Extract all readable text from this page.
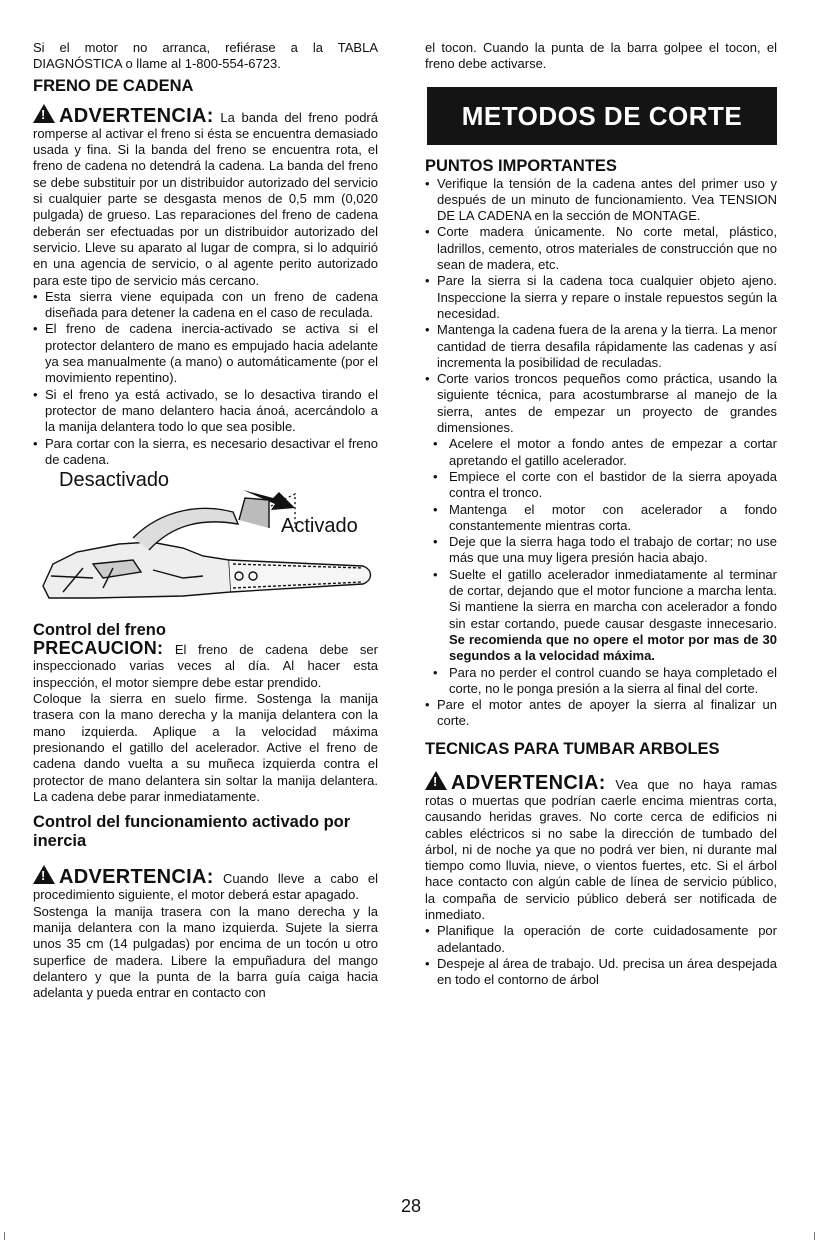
Si el motor no arranca, refiérase a la TABLA DIAGNÓSTICA o llame al 1-800-554-6723.

FRENO DE CADENA

!ADVERTENCIA: La banda del freno podrá romperse al activar el freno si ésta se encuentra demasiado usada y fina. Si la banda del freno se encuentra rota, el freno de cadena no detendrá la cadena. La banda del freno se debe substituir por un distribuidor autorizado del servicio si cualquier parte se desgasta menos de 0,5 mm (0,020 pulgada) de grueso. Las reparaciones del freno de cadena deberán ser efectuadas por un distribuidor autorizado del servicio. Lleve su aparato al lugar de compra, si lo adquirió en una agencia de servicio, o al agente perito autorizado para este tipo de servicio más cercano.

• Esta sierra viene equipada con un freno de cadena diseñada para detener la cadena en el caso de reculada.
• El freno de cadena inercia-activado se activa si el protector delantero de mano es empujado hacia adelante ya sea manualmente (a mano) o automáticamente (por el movimiento repentino).
• Si el freno ya está activado, se lo desactiva tirando el protector de mano delantero hacia ánoá, acercándolo a la manija delantera todo lo que sea posible.
• Para cortar con la sierra, es necesario desactivar el freno de cadena.
Desactivado
Activado
Control del freno

PRECAUCION: El freno de cadena debe ser inspeccionado varias veces al día. Al hacer esta inspección, el motor siempre debe estar prendido.

Coloque la sierra en suelo firme. Sostenga la manija trasera con la mano derecha y la manija delantera con la mano izquierda. Aplique a la velocidad máxima presionando el gatillo del acelerador. Active el freno de cadena dando vuelta a su muñeca izquierda contra el protector de mano delantera sin soltar la manija delantera. La cadena debe parar inmediatamente.

Control del funcionamiento activado por inercia

!ADVERTENCIA: Cuando lleve a cabo el procedimiento siguiente, el motor deberá estar apagado.

Sostenga la manija trasera con la mano derecha y la manija delantera con la mano izquierda. Sujete la sierra unos 35 cm (14 pulgadas) por encima de un tocón u otro superfice de madera. Libere la empuñadura del mango delantero y que la punta de la barra guía caiga hacia adelanta y pueda entrar en contacto con

el tocon. Cuando la punta de la barra golpee el tocon, el freno debe activarse.

METODOS DE CORTE
PUNTOS IMPORTANTES
• Verifique la tensión de la cadena antes del primer uso y después de un minuto de funcionamiento. Vea TENSION DE LA CADENA en la sección de MONTAGE.
• Corte madera únicamente. No corte metal, plástico, ladrillos, cemento, otros materiales de construcción que no sean de madera, etc.
• Pare la sierra si la cadena toca cualquier objeto ajeno. Inspeccione la sierra y repare o instale repuestos según la necesidad.
• Mantenga la cadena fuera de la arena y la tierra. La menor cantidad de tierra desafila rápidamente las cadenas y así incrementa la posibilidad de reculadas.
• Corte varios troncos pequeños como práctica, usando la siguiente técnica, para acostumbrarse al manejo de la sierra, antes de empezar un proyecto de grandes dimensiones.
• Acelere el motor a fondo antes de empezar a cortar apretando el gatillo acelerador.
• Empiece el corte con el bastidor de la sierra apoyada contra el tronco.
• Mantenga el motor con acelerador a fondo constantemente mientras corta.
• Deje que la sierra haga todo el trabajo de cortar; no use más que una muy ligera presión hacia abajo.
• Suelte el gatillo acelerador inmediatamente al terminar de cortar, dejando que el motor funcione a marcha lenta. Si mantiene la sierra en marcha con acelerador a fondo sin estar cortando, puede causar desgaste innecesario. Se recomienda que no opere el motor por mas de 30 segundos a la velocidad máxima.
• Para no perder el control cuando se haya completado el corte, no le ponga presión a la sierra al final del corte.
• Pare el motor antes de apoyer la sierra al finalizar un corte.
TECNICAS PARA TUMBAR ARBOLES

!ADVERTENCIA: Vea que no haya ramas rotas o muertas que podrían caerle encima mientras corta, causando heridas graves. No corte cerca de edificios ni cables eléctricos si no sabe la dirección de tumbado del árbol, ni de noche ya que no podrá ver bien, ni durante mal tiempo como lluvia, nieve, o vientos fuertes, etc. Si el árbol hace contacto con algún cable de línea de servicio público, la compaña de servicio público deberá ser notificada de inmediato.

• Planifique la operación de corte cuidadosamente por adelantado.
• Despeje al área de trabajo. Ud. precisa un área despejada en todo el contorno de árbol
28
